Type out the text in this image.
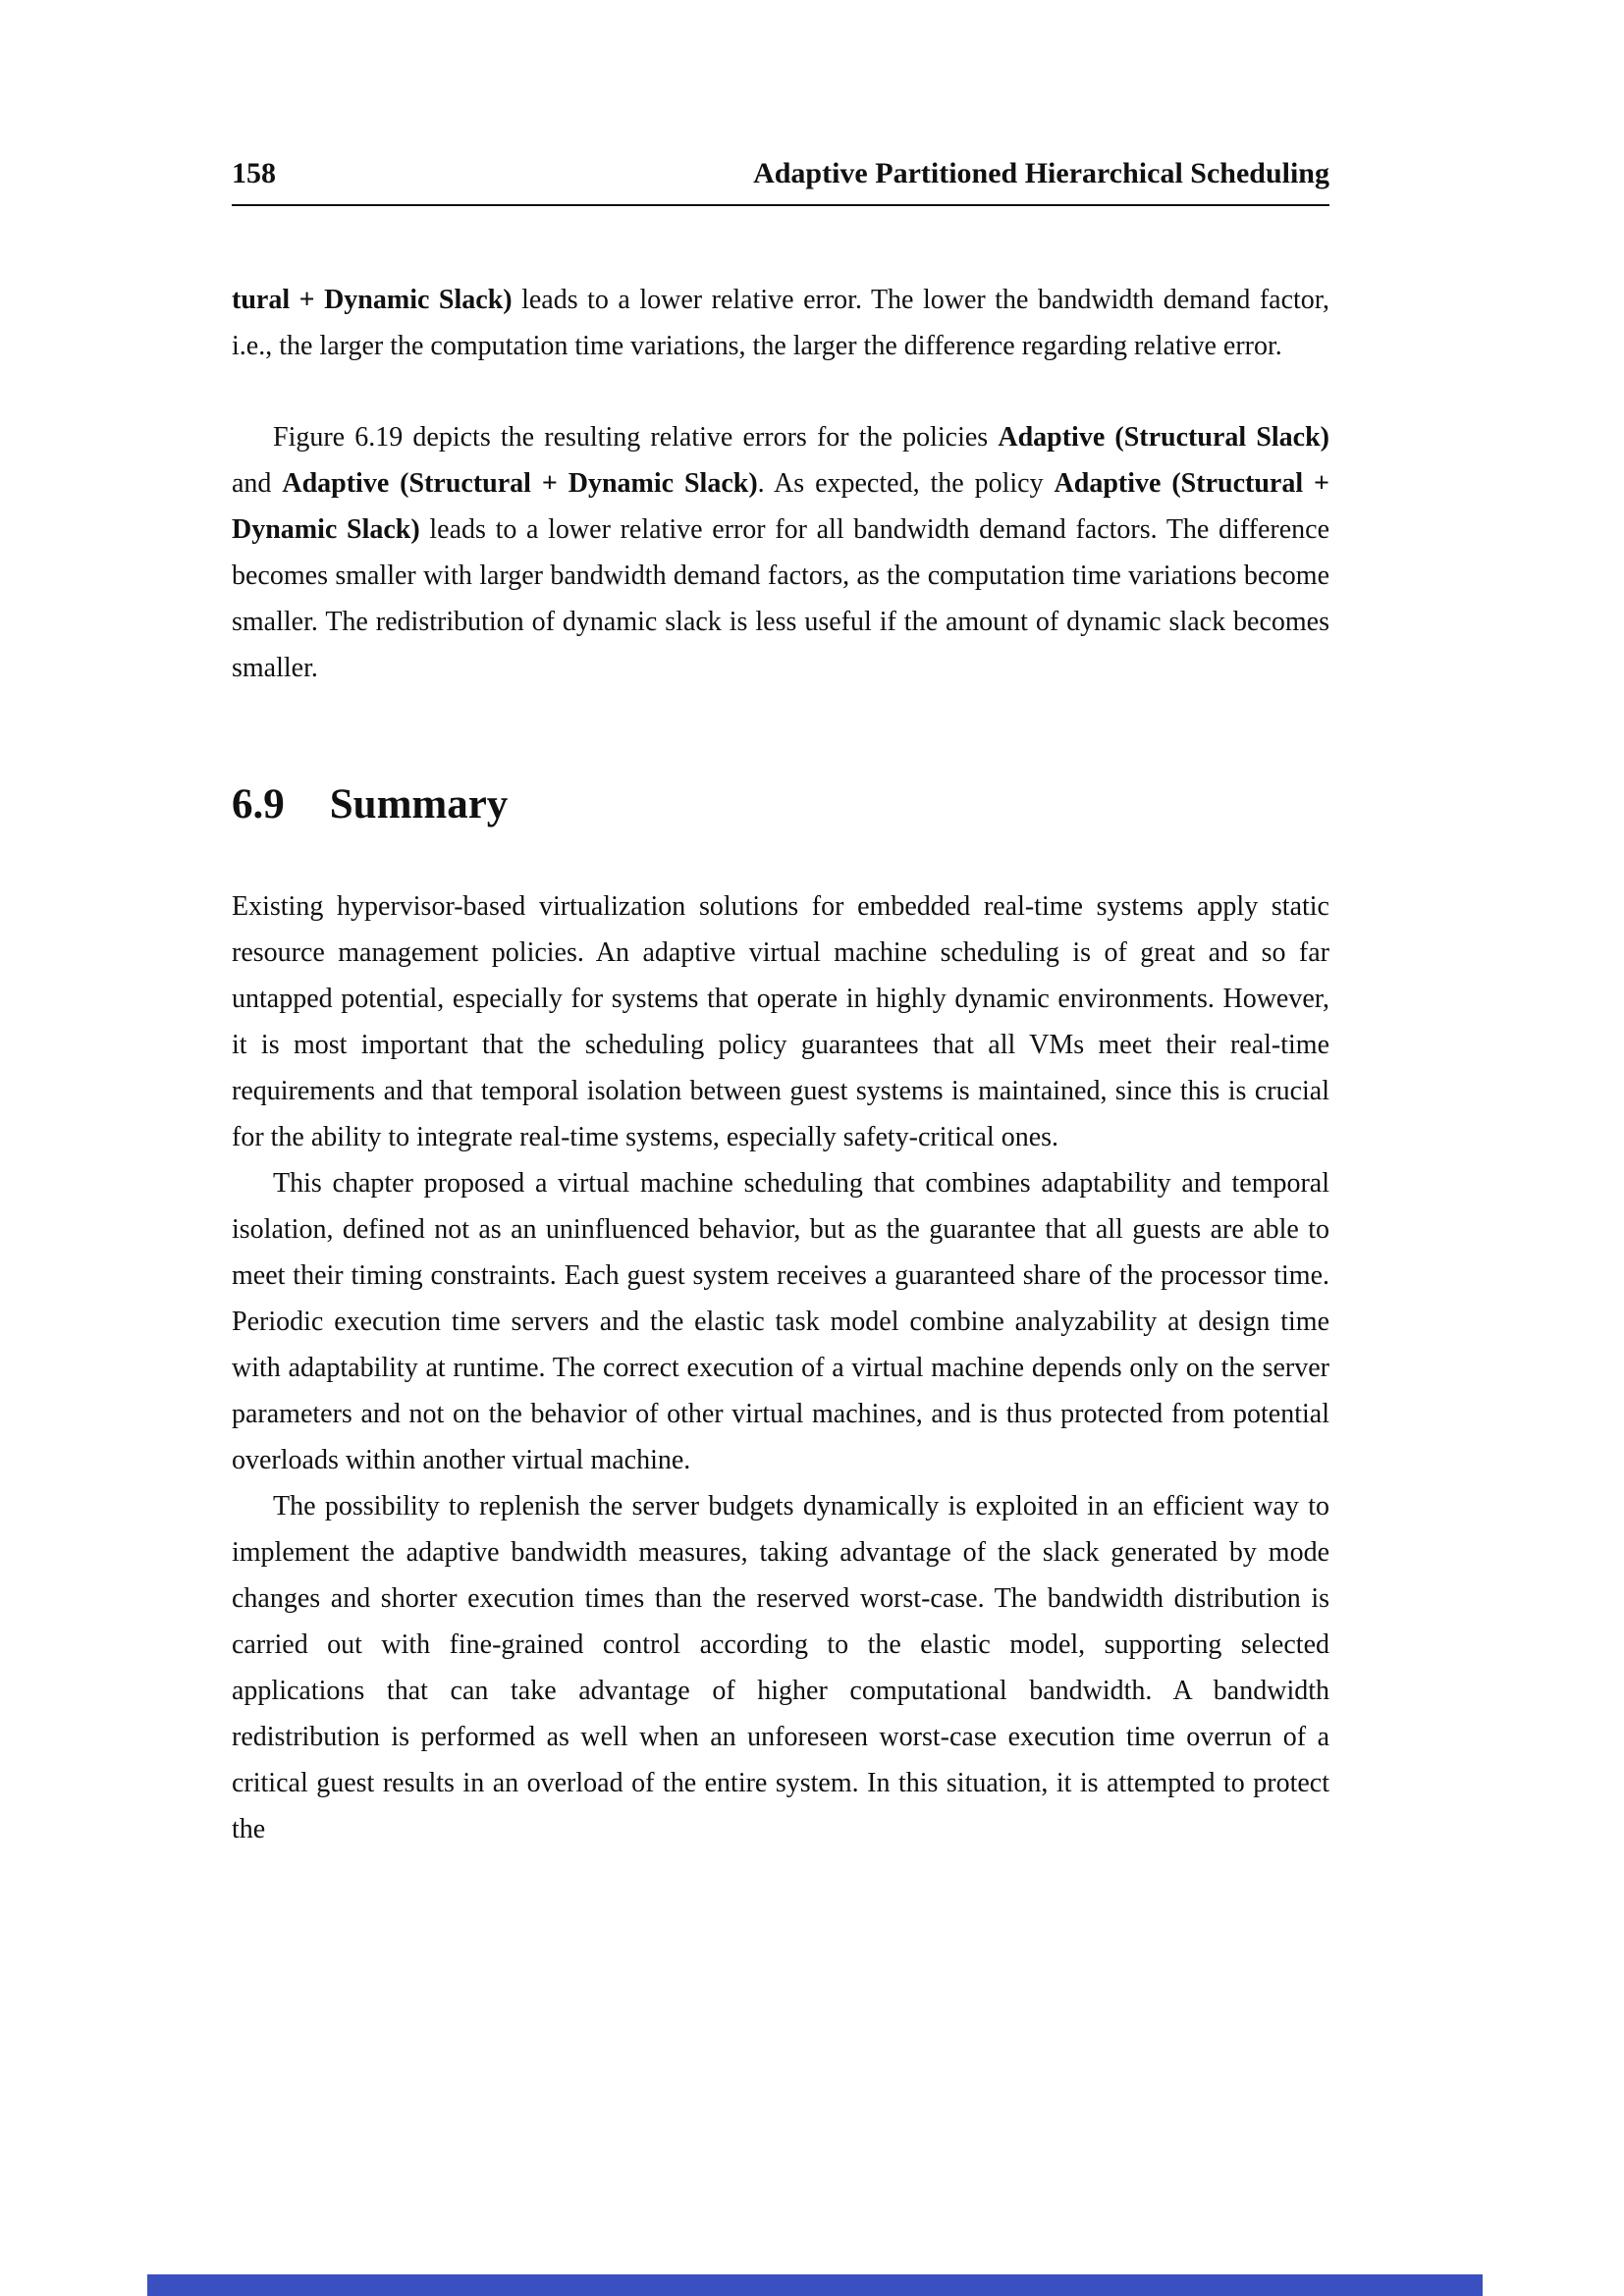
158	Adaptive Partitioned Hierarchical Scheduling

tural + Dynamic Slack) leads to a lower relative error. The lower the bandwidth demand factor, i.e., the larger the computation time variations, the larger the difference regarding relative error.

Figure 6.19 depicts the resulting relative errors for the policies Adaptive (Structural Slack) and Adaptive (Structural + Dynamic Slack). As expected, the policy Adaptive (Structural + Dynamic Slack) leads to a lower relative error for all bandwidth demand factors. The difference becomes smaller with larger bandwidth demand factors, as the computation time variations become smaller. The redistribution of dynamic slack is less useful if the amount of dynamic slack becomes smaller.

6.9 Summary

Existing hypervisor-based virtualization solutions for embedded real-time systems apply static resource management policies. An adaptive virtual machine scheduling is of great and so far untapped potential, especially for systems that operate in highly dynamic environments. However, it is most important that the scheduling policy guarantees that all VMs meet their real-time requirements and that temporal isolation between guest systems is maintained, since this is crucial for the ability to integrate real-time systems, especially safety-critical ones.

This chapter proposed a virtual machine scheduling that combines adaptability and temporal isolation, defined not as an uninfluenced behavior, but as the guarantee that all guests are able to meet their timing constraints. Each guest system receives a guaranteed share of the processor time. Periodic execution time servers and the elastic task model combine analyzability at design time with adaptability at runtime. The correct execution of a virtual machine depends only on the server parameters and not on the behavior of other virtual machines, and is thus protected from potential overloads within another virtual machine.

The possibility to replenish the server budgets dynamically is exploited in an efficient way to implement the adaptive bandwidth measures, taking advantage of the slack generated by mode changes and shorter execution times than the reserved worst-case. The bandwidth distribution is carried out with fine-grained control according to the elastic model, supporting selected applications that can take advantage of higher computational bandwidth. A bandwidth redistribution is performed as well when an unforeseen worst-case execution time overrun of a critical guest results in an overload of the entire system. In this situation, it is attempted to protect the
